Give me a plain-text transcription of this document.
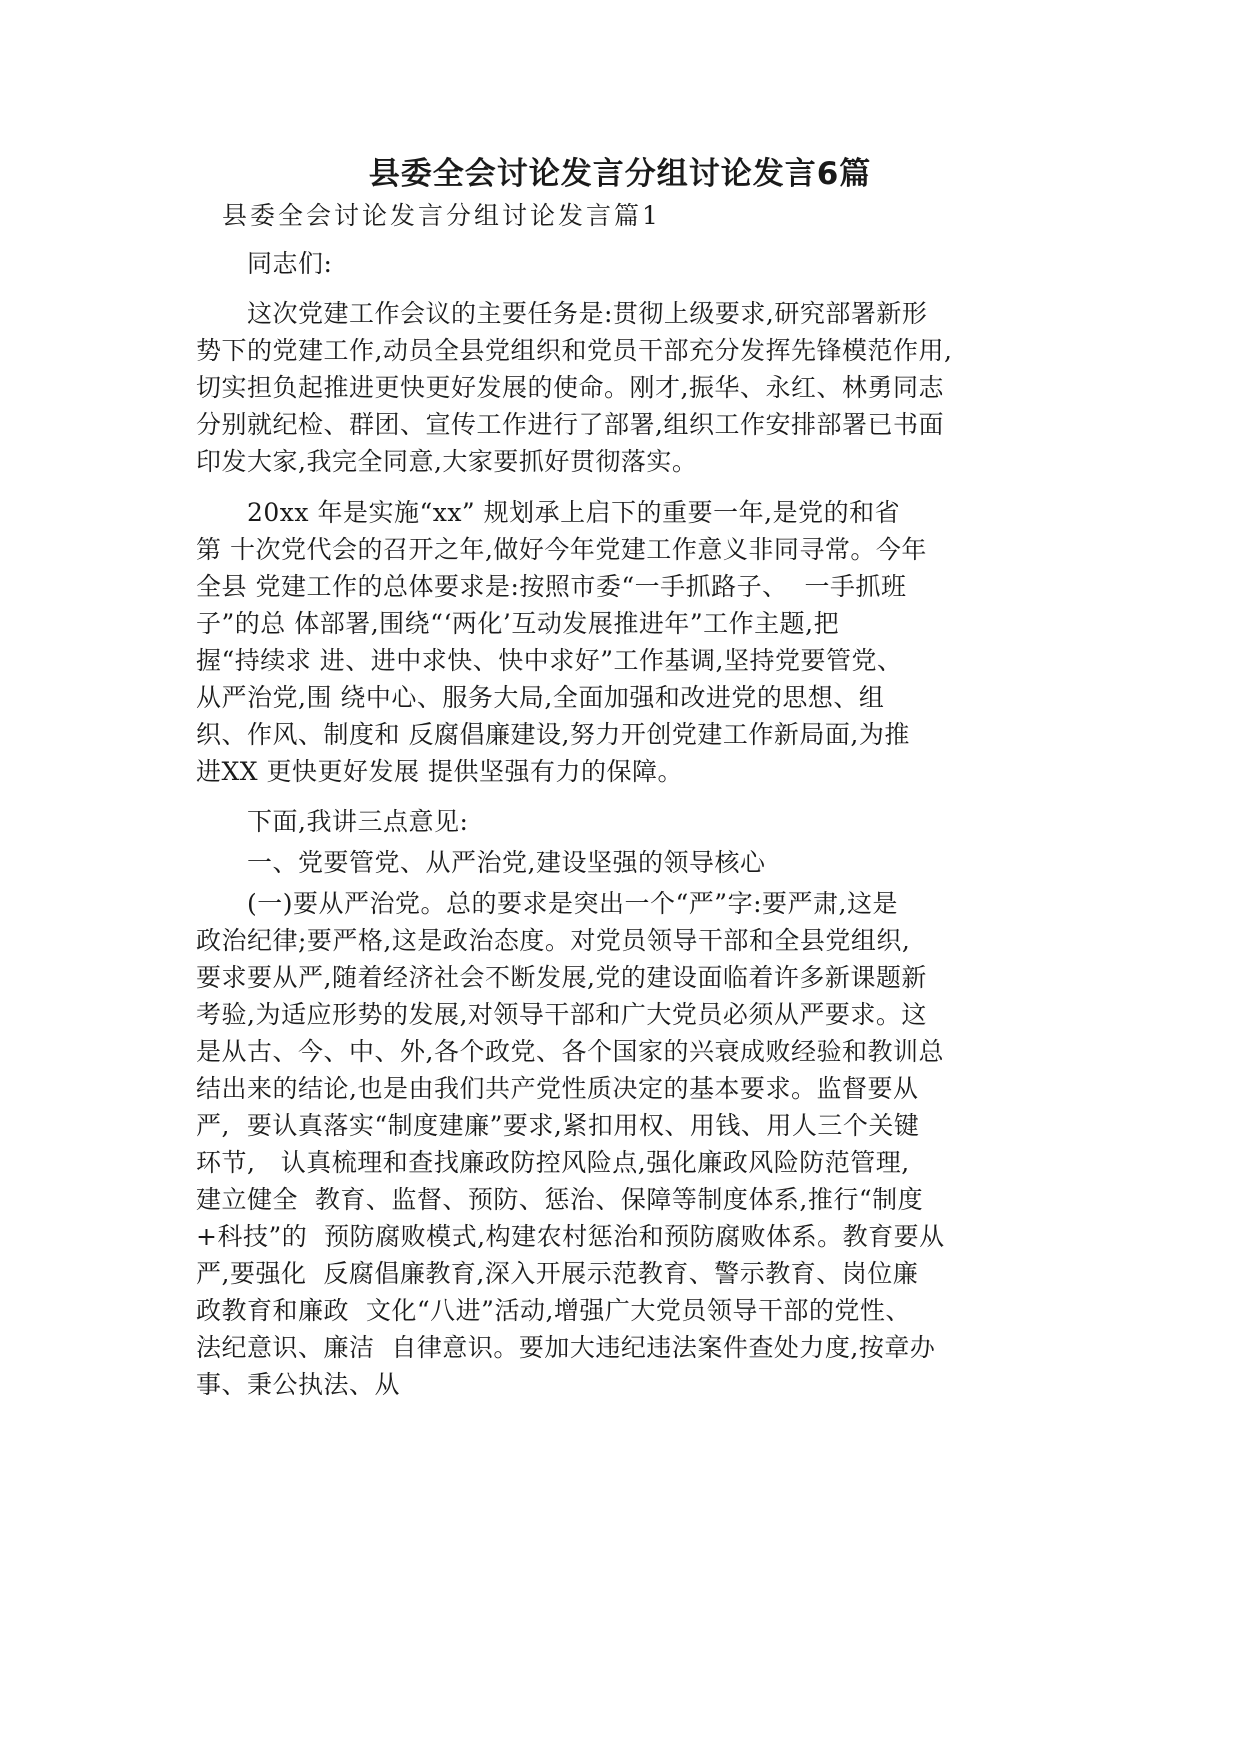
县委全会讨论发言分组讨论发言6篇
县委全会讨论发言分组讨论发言篇1
同志们:
这次党建工作会议的主要任务是:贯彻上级要求,研究部署新形
势下的党建工作,动员全县党组织和党员干部充分发挥先锋模范作用,
切实担负起推进更快更好发展的使命。刚才,振华、永红、林勇同志
分别就纪检、群团、宣传工作进行了部署,组织工作安排部署已书面
印发大家,我完全同意,大家要抓好贯彻落实。
20xx 年是实施“xx” 规划承上启下的重要一年,是党的和省
第 十次党代会的召开之年,做好今年党建工作意义非同寻常。今年
全县 党建工作的总体要求是:按照市委“一手抓路子、  一手抓班
子”的总 体部署,围绕“‘两化’互动发展推进年”工作主题,把
握“持续求 进、进中求快、快中求好”工作基调,坚持党要管党、
从严治党,围 绕中心、服务大局,全面加强和改进党的思想、组
织、作风、制度和 反腐倡廉建设,努力开创党建工作新局面,为推
进XX 更快更好发展 提供坚强有力的保障。
下面,我讲三点意见:
一、党要管党、从严治党,建设坚强的领导核心
(一)要从严治党。总的要求是突出一个“严”字:要严肃,这是
政治纪律;要严格,这是政治态度。对党员领导干部和全县党组织,
要求要从严,随着经济社会不断发展,党的建设面临着许多新课题新
考验,为适应形势的发展,对领导干部和广大党员必须从严要求。这
是从古、今、中、外,各个政党、各个国家的兴衰成败经验和教训总
结出来的结论,也是由我们共产党性质决定的基本要求。监督要从
严,  要认真落实“制度建廉”要求,紧扣用权、用钱、用人三个关键
环节,   认真梳理和查找廉政防控风险点,强化廉政风险防范管理,
建立健全  教育、监督、预防、惩治、保障等制度体系,推行“制度
+科技”的  预防腐败模式,构建农村惩治和预防腐败体系。教育要从
严,要强化  反腐倡廉教育,深入开展示范教育、警示教育、岗位廉
政教育和廉政  文化“八进”活动,增强广大党员领导干部的党性、
法纪意识、廉洁  自律意识。要加大违纪违法案件查处力度,按章办
事、秉公执法、从
